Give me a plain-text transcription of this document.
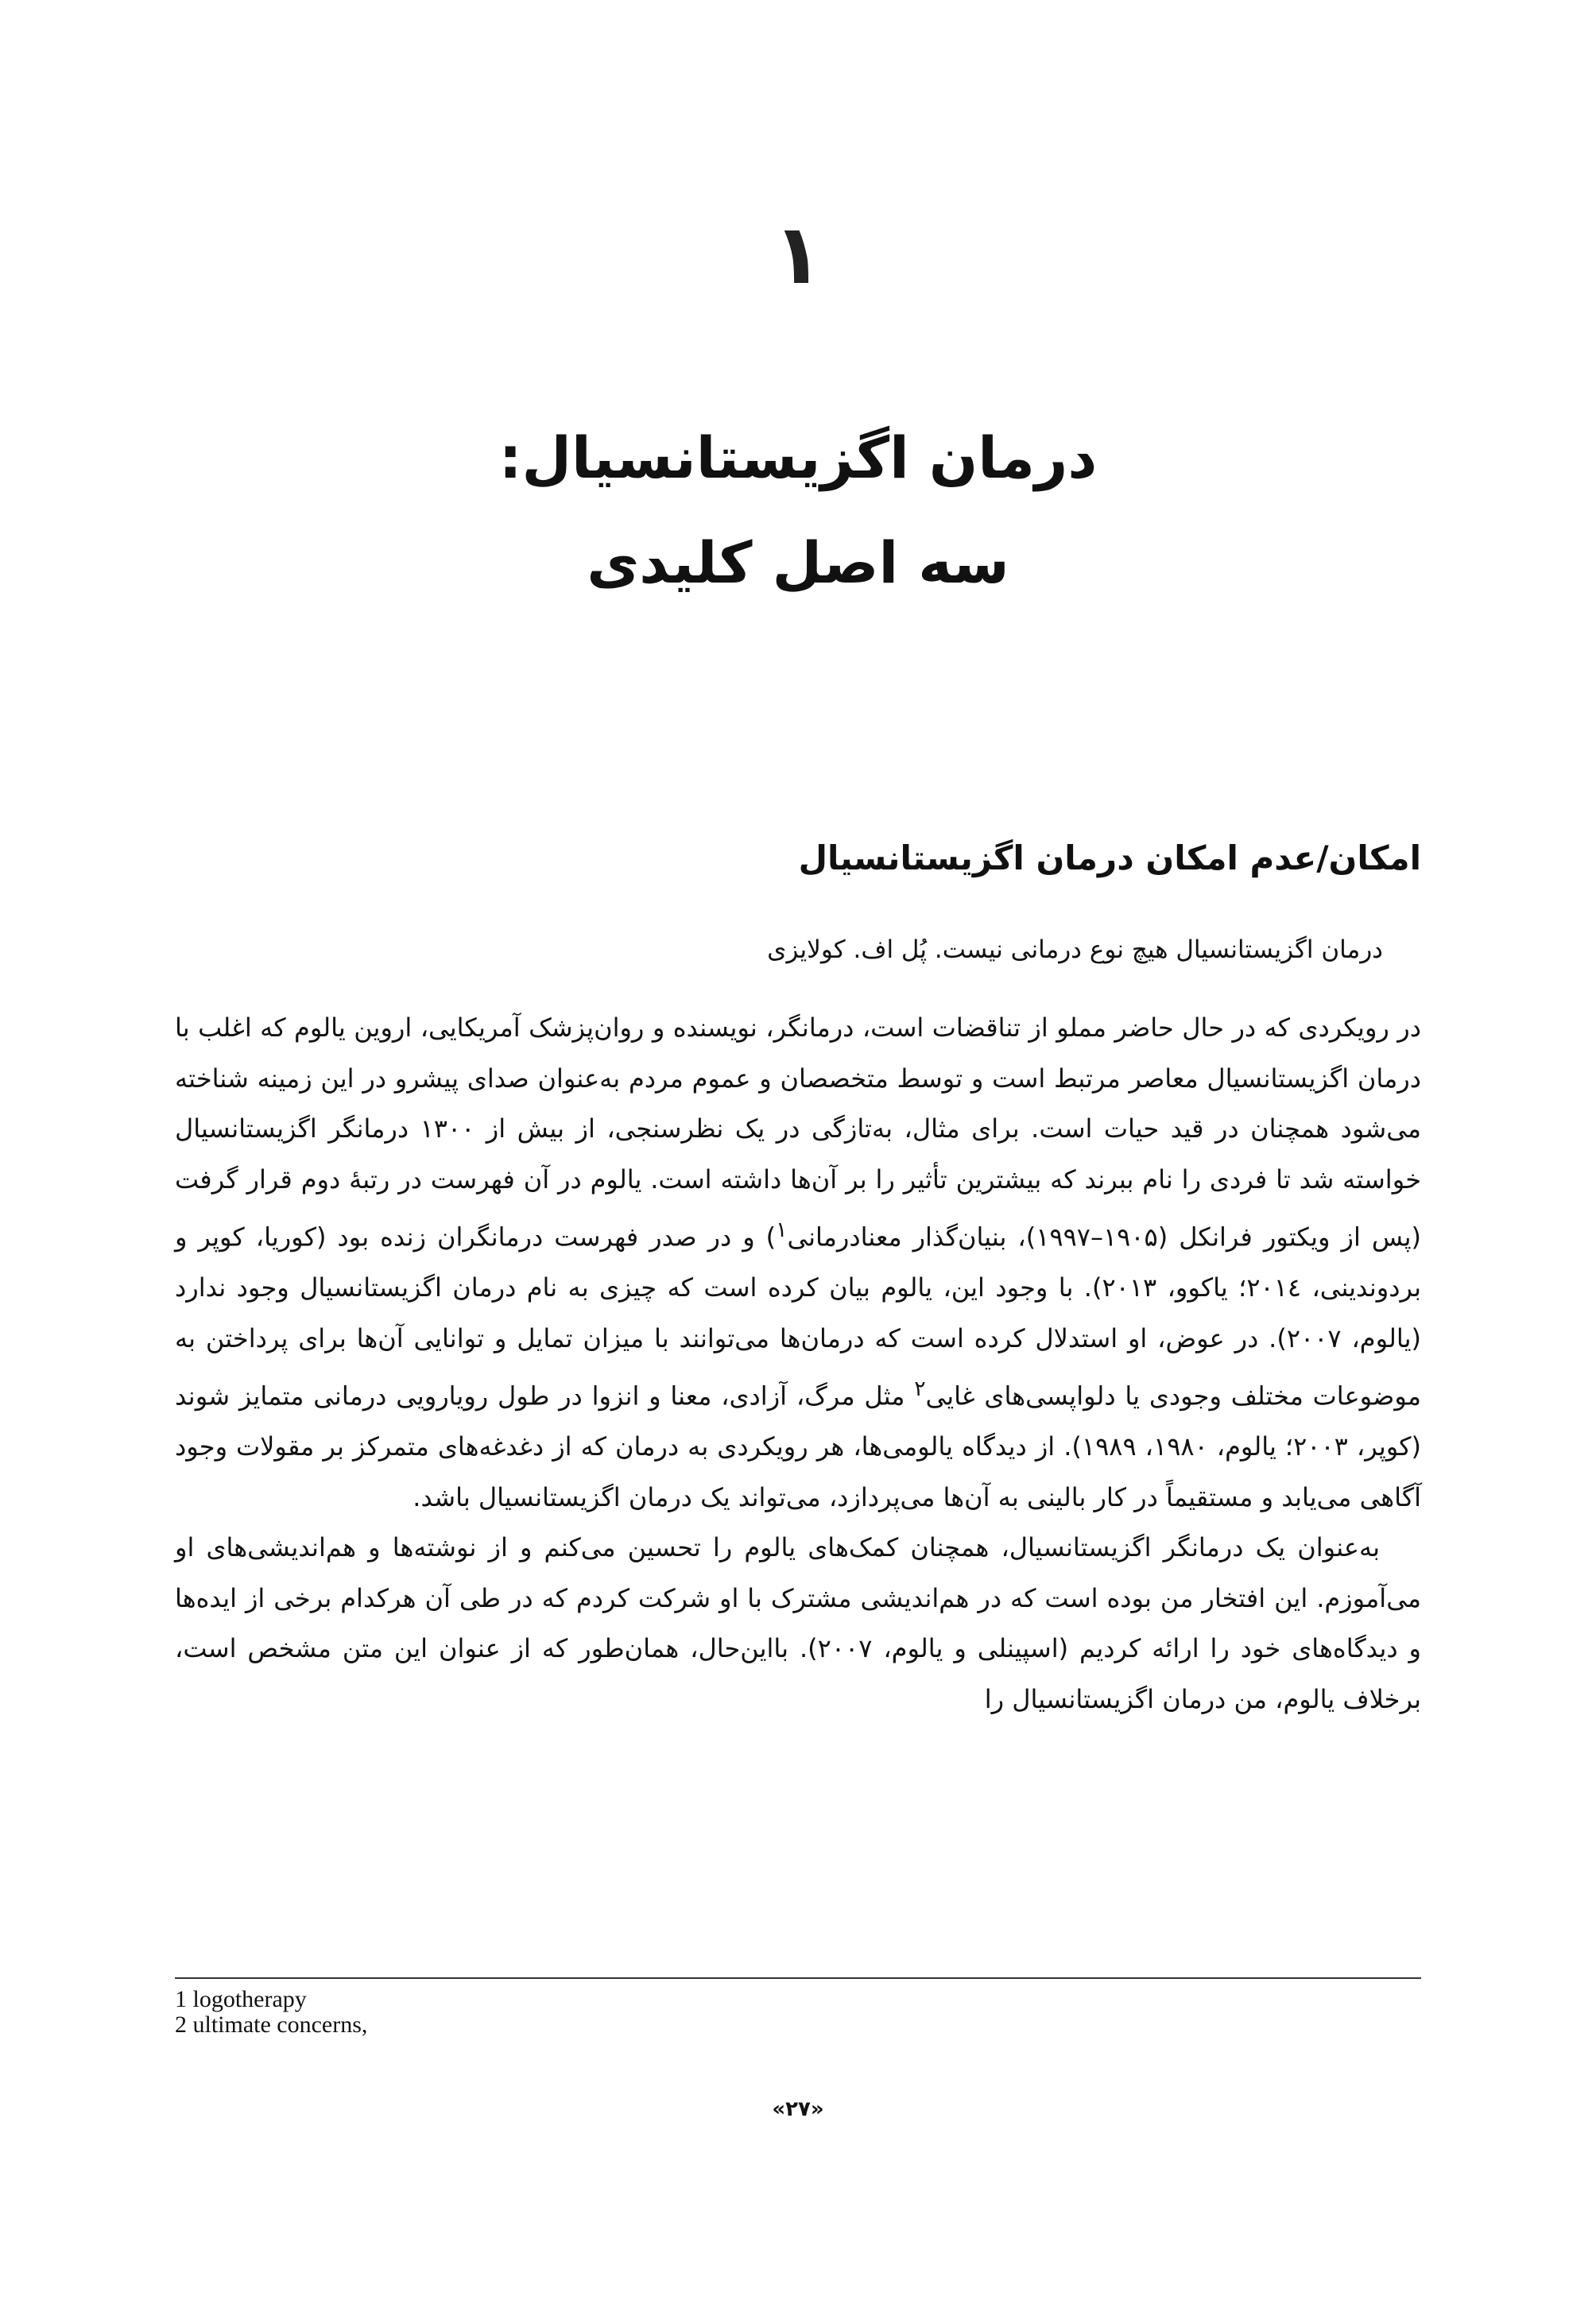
۱
درمان اگزیستانسیال:
سه اصل کلیدی
امکان/عدم امکان درمان اگزیستانسیال
درمان اگزیستانسیال هیچ نوع درمانی نیست. پُل اف. کولایزی

در رویکردی که در حال حاضر مملو از تناقضات است، درمانگر، نویسنده و روان‌پزشک آمریکایی، اروین یالوم که اغلب با درمان اگزیستانسیال معاصر مرتبط است و توسط متخصصان و عموم مردم به‌عنوان صدای پیشرو در این زمینه شناخته می‌شود همچنان در قید حیات است. برای مثال، به‌تازگی در یک نظرسنجی، از بیش از ۱۳۰۰ درمانگر اگزیستانسیال خواسته شد تا فردی را نام ببرند که بیشترین تأثیر را بر آن‌ها داشته است. یالوم در آن فهرست در رتبهٔ دوم قرار گرفت (پس از ویکتور فرانکل (۱۹۰۵–۱۹۹۷)، بنیان‌گذار معنادرمانی$^۱$) و در صدر فهرست درمانگران زنده بود (کوریا، کوپر و بردوندینی، ۲۰۱٤؛ یاکوو، ۲۰۱۳). با وجود این، یالوم بیان کرده است که چیزی به نام درمان اگزیستانسیال وجود ندارد (یالوم، ۲۰۰۷). در عوض، او استدلال کرده است که درمان‌ها می‌توانند با میزان تمایل و توانایی آن‌ها برای پرداختن به موضوعات مختلف وجودی یا دلواپسی‌های غایی$^۲$ مثل مرگ، آزادی، معنا و انزوا در طول رویارویی درمانی متمایز شوند (کوپر، ۲۰۰۳؛ یالوم، ۱۹۸۰، ۱۹۸۹). از دیدگاه یالومی‌ها، هر رویکردی به درمان که از دغدغه‌های متمرکز بر مقولات وجود آگاهی می‌یابد و مستقیماً در کار بالینی به آن‌ها می‌پردازد، می‌تواند یک درمان اگزیستانسیال باشد.

به‌عنوان یک درمانگر اگزیستانسیال، همچنان کمک‌های یالوم را تحسین می‌کنم و از نوشته‌ها و هم‌اندیشی‌های او می‌آموزم. این افتخار من بوده است که در هم‌اندیشی مشترک با او شرکت کردم که در طی آن هرکدام برخی از ایده‌ها و دیدگاه‌های خود را ارائه کردیم (اسپینلی و یالوم، ۲۰۰۷). بااین‌حال، همان‌طور که از عنوان این متن مشخص است، برخلاف یالوم، من درمان اگزیستانسیال را

1 logotherapy
2 ultimate concerns,
«۲۷»
